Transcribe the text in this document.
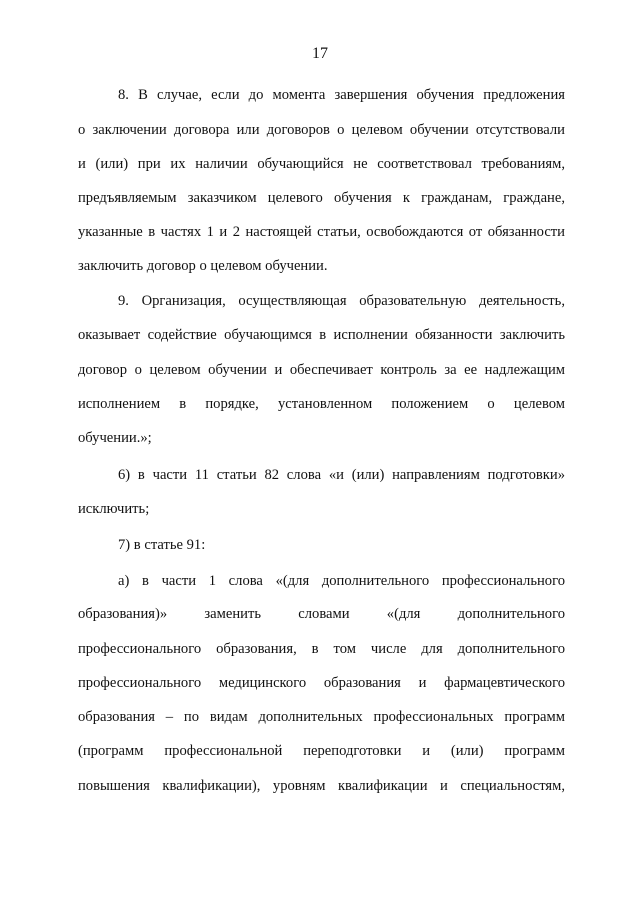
17
8. В случае, если до момента завершения обучения предложения
о заключении договора или договоров о целевом обучении отсутствовали
и (или) при их наличии обучающийся не соответствовал требованиям,
предъявляемым заказчиком целевого обучения к гражданам, граждане,
указанные в частях 1 и 2 настоящей статьи, освобождаются от обязанности
заключить договор о целевом обучении.
9. Организация, осуществляющая образовательную деятельность,
оказывает содействие обучающимся в исполнении обязанности заключить
договор о целевом обучении и обеспечивает контроль за ее надлежащим
исполнением в порядке, установленном положением о целевом
обучении.»;
6) в части 11 статьи 82 слова «и (или) направлениям подготовки»
исключить;
7) в статье 91:
а) в части 1 слова «(для дополнительного профессионального
образования)» заменить словами «(для дополнительного
профессионального образования, в том числе для дополнительного
профессионального медицинского образования и фармацевтического
образования – по видам дополнительных профессиональных программ
(программ профессиональной переподготовки и (или) программ
повышения квалификации), уровням квалификации и специальностям,
